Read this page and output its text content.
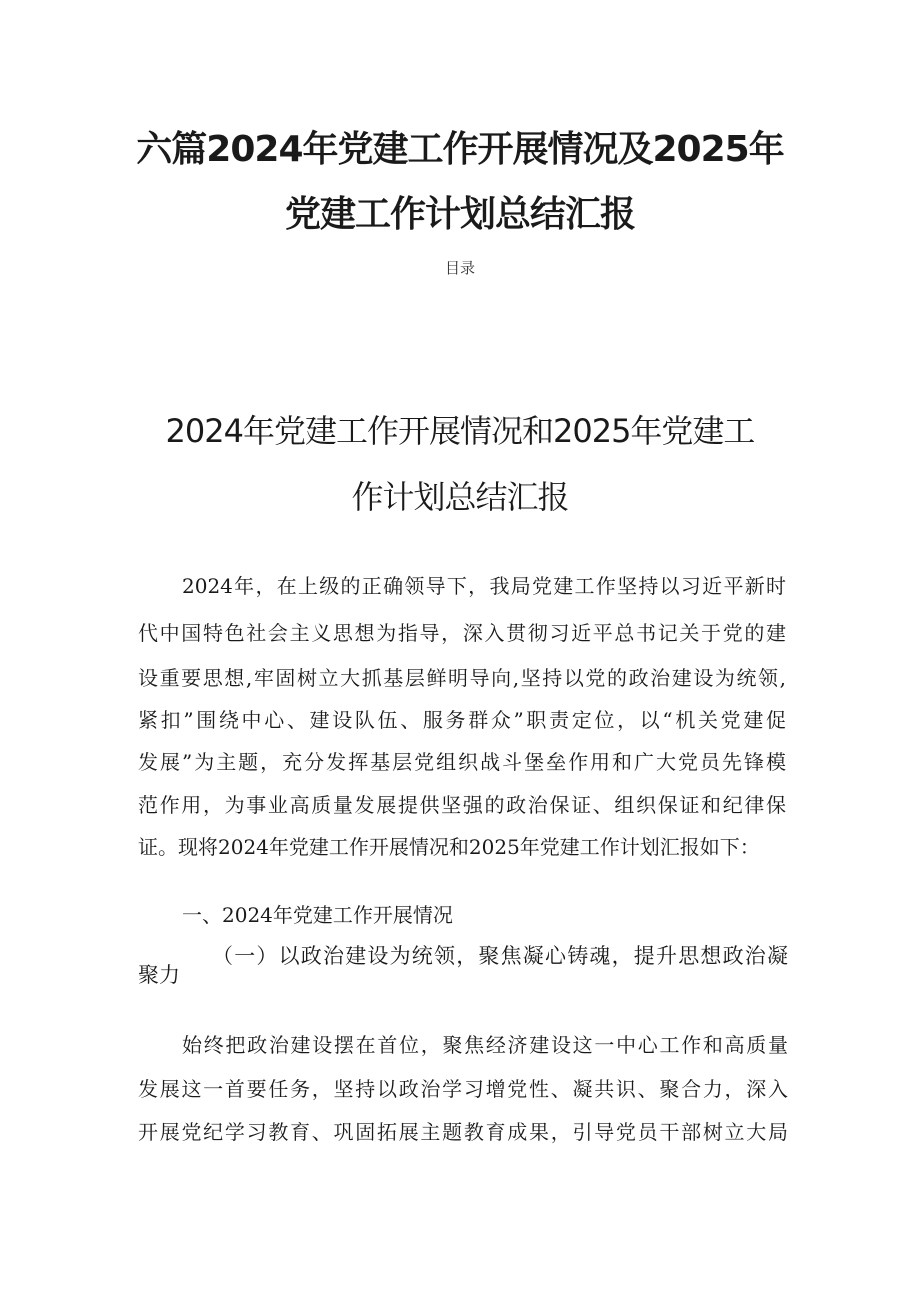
六篇2024年党建工作开展情况及2025年
党建工作计划总结汇报
目录
2024年党建工作开展情况和2025年党建工
作计划总结汇报
2024年，在上级的正确领导下，我局党建工作坚持以习近平新时
代中国特色社会主义思想为指导，深入贯彻习近平总书记关于党的建
设重要思想,牢固树立大抓基层鲜明导向,坚持以党的政治建设为统领,
紧扣”围绕中心、建设队伍、服务群众”职责定位，以“机关党建促
发展”为主题，充分发挥基层党组织战斗堡垒作用和广大党员先锋模
范作用，为事业高质量发展提供坚强的政治保证、组织保证和纪律保
证。现将2024年党建工作开展情况和2025年党建工作计划汇报如下：
一、2024年党建工作开展情况
（一）以政治建设为统领，聚焦凝心铸魂，提升思想政治凝
聚力
始终把政治建设摆在首位，聚焦经济建设这一中心工作和高质量
发展这一首要任务，坚持以政治学习增党性、凝共识、聚合力，深入
开展党纪学习教育、巩固拓展主题教育成果，引导党员干部树立大局
